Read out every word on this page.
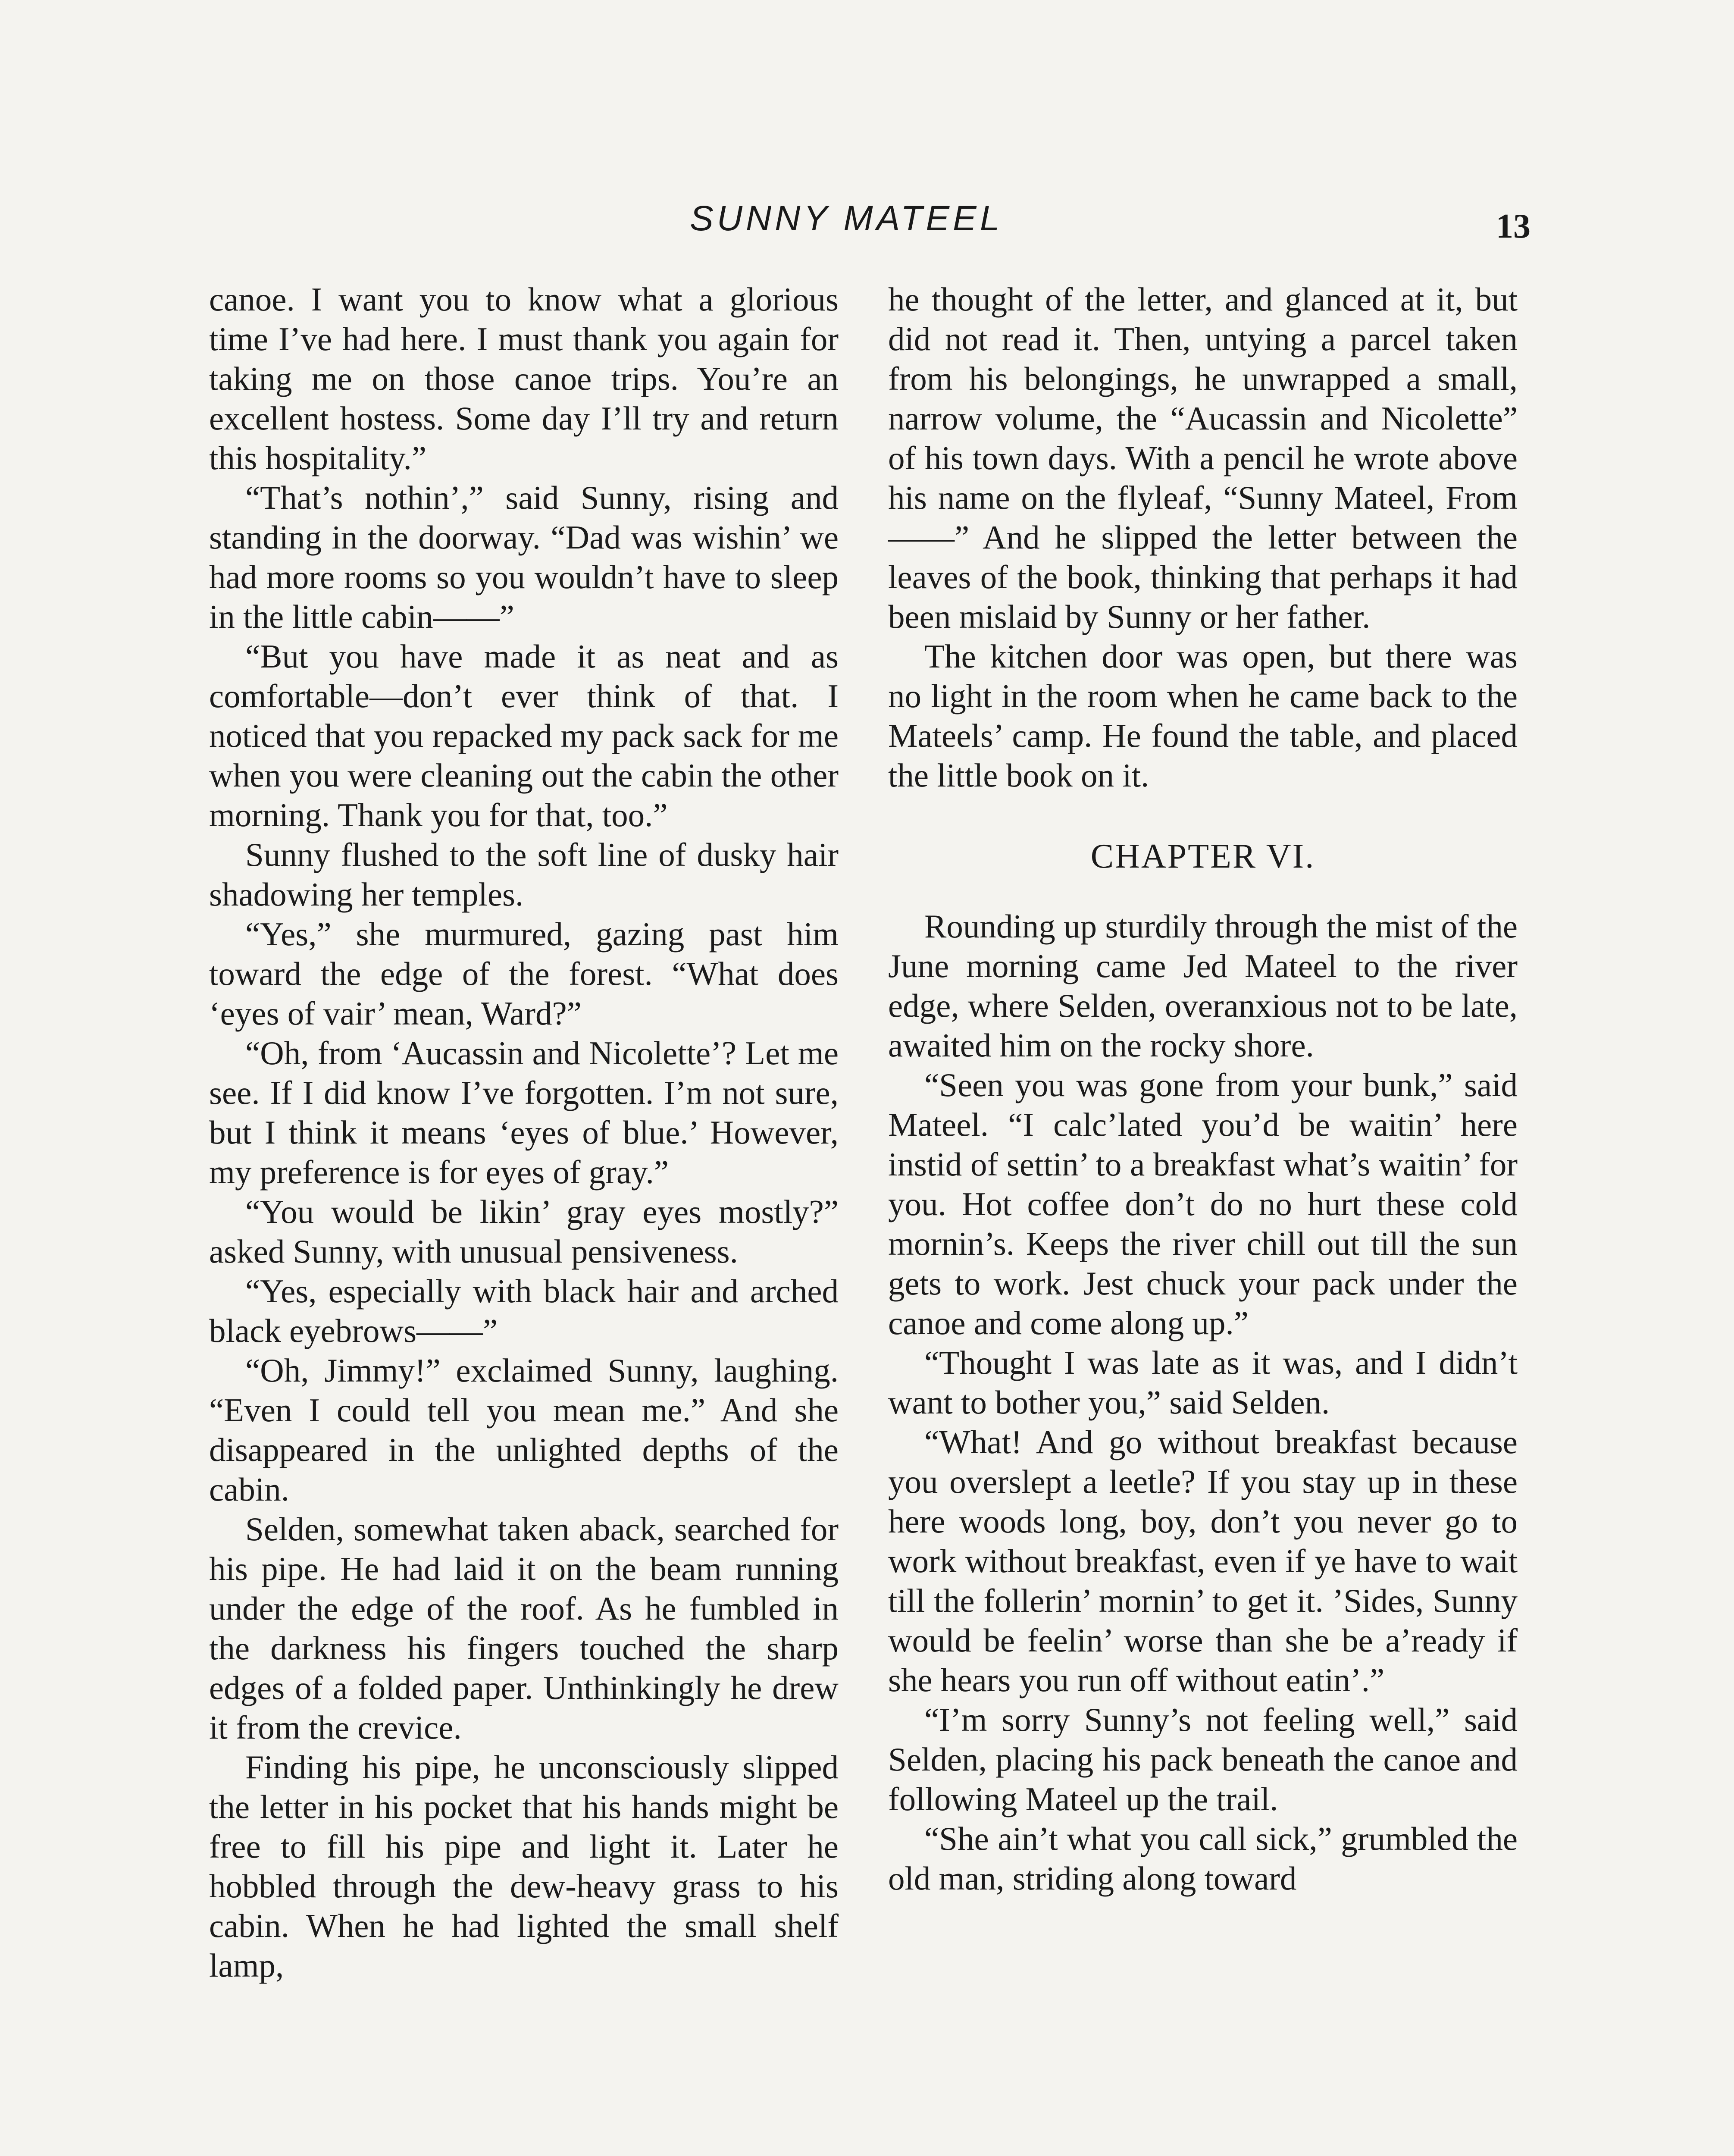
SUNNY MATEEL	13

canoe. I want you to know what a glorious time I’ve had here. I must thank you again for taking me on those canoe trips. You’re an excellent hostess. Some day I’ll try and return this hospitality.”

“That’s nothin’,” said Sunny, rising and standing in the doorway. “Dad was wishin’ we had more rooms so you wouldn’t have to sleep in the little cabin——”

“But you have made it as neat and as comfortable—don’t ever think of that. I noticed that you repacked my pack sack for me when you were cleaning out the cabin the other morning. Thank you for that, too.”

Sunny flushed to the soft line of dusky hair shadowing her temples.

“Yes,” she murmured, gazing past him toward the edge of the forest. “What does ‘eyes of vair’ mean, Ward?”

“Oh, from ‘Aucassin and Nicolette’? Let me see. If I did know I’ve forgotten. I’m not sure, but I think it means ‘eyes of blue.’ However, my preference is for eyes of gray.”

“You would be likin’ gray eyes mostly?” asked Sunny, with unusual pensiveness.

“Yes, especially with black hair and arched black eyebrows——”

“Oh, Jimmy!” exclaimed Sunny, laughing. “Even I could tell you mean me.” And she disappeared in the unlighted depths of the cabin.

Selden, somewhat taken aback, searched for his pipe. He had laid it on the beam running under the edge of the roof. As he fumbled in the darkness his fingers touched the sharp edges of a folded paper. Unthinkingly he drew it from the crevice.

Finding his pipe, he unconsciously slipped the letter in his pocket that his hands might be free to fill his pipe and light it. Later he hobbled through the dew-heavy grass to his cabin. When he had lighted the small shelf lamp,

he thought of the letter, and glanced at it, but did not read it. Then, untying a parcel taken from his belongings, he unwrapped a small, narrow volume, the “Aucassin and Nicolette” of his town days. With a pencil he wrote above his name on the flyleaf, “Sunny Mateel, From——” And he slipped the letter between the leaves of the book, thinking that perhaps it had been mislaid by Sunny or her father.

The kitchen door was open, but there was no light in the room when he came back to the Mateels’ camp. He found the table, and placed the little book on it.

CHAPTER VI.

Rounding up sturdily through the mist of the June morning came Jed Mateel to the river edge, where Selden, overanxious not to be late, awaited him on the rocky shore.

“Seen you was gone from your bunk,” said Mateel. “I calc’lated you’d be waitin’ here instid of settin’ to a breakfast what’s waitin’ for you. Hot coffee don’t do no hurt these cold mornin’s. Keeps the river chill out till the sun gets to work. Jest chuck your pack under the canoe and come along up.”

“Thought I was late as it was, and I didn’t want to bother you,” said Selden.

“What! And go without breakfast because you overslept a leetle? If you stay up in these here woods long, boy, don’t you never go to work without breakfast, even if ye have to wait till the follerin’ mornin’ to get it. ’Sides, Sunny would be feelin’ worse than she be a’ready if she hears you run off without eatin’.”

“I’m sorry Sunny’s not feeling well,” said Selden, placing his pack beneath the canoe and following Mateel up the trail.

“She ain’t what you call sick,” grumbled the old man, striding along toward
